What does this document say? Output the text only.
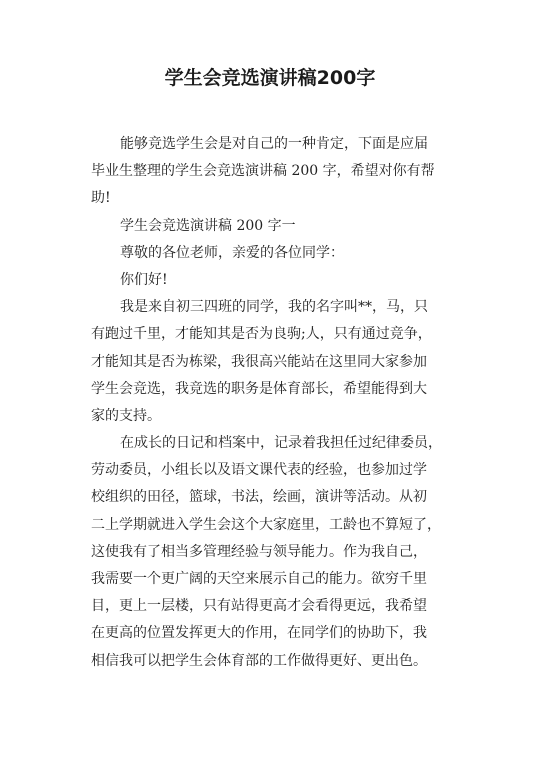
学生会竞选演讲稿200字
能够竞选学生会是对自己的一种肯定，下面是应届
毕业生整理的学生会竞选演讲稿 200 字，希望对你有帮
助!
学生会竞选演讲稿 200 字一
尊敬的各位老师，亲爱的各位同学：
你们好!
我是来自初三四班的同学，我的名字叫**，马，只
有跑过千里，才能知其是否为良驹;人，只有通过竞争，
才能知其是否为栋梁，我很高兴能站在这里同大家参加
学生会竞选，我竞选的职务是体育部长，希望能得到大
家的支持。
在成长的日记和档案中，记录着我担任过纪律委员，
劳动委员，小组长以及语文课代表的经验，也参加过学
校组织的田径，篮球，书法，绘画，演讲等活动。从初
二上学期就进入学生会这个大家庭里，工龄也不算短了，
这使我有了相当多管理经验与领导能力。作为我自己，
我需要一个更广阔的天空来展示自己的能力。欲穷千里
目，更上一层楼，只有站得更高才会看得更远，我希望
在更高的位置发挥更大的作用，在同学们的协助下，我
相信我可以把学生会体育部的工作做得更好、更出色。
